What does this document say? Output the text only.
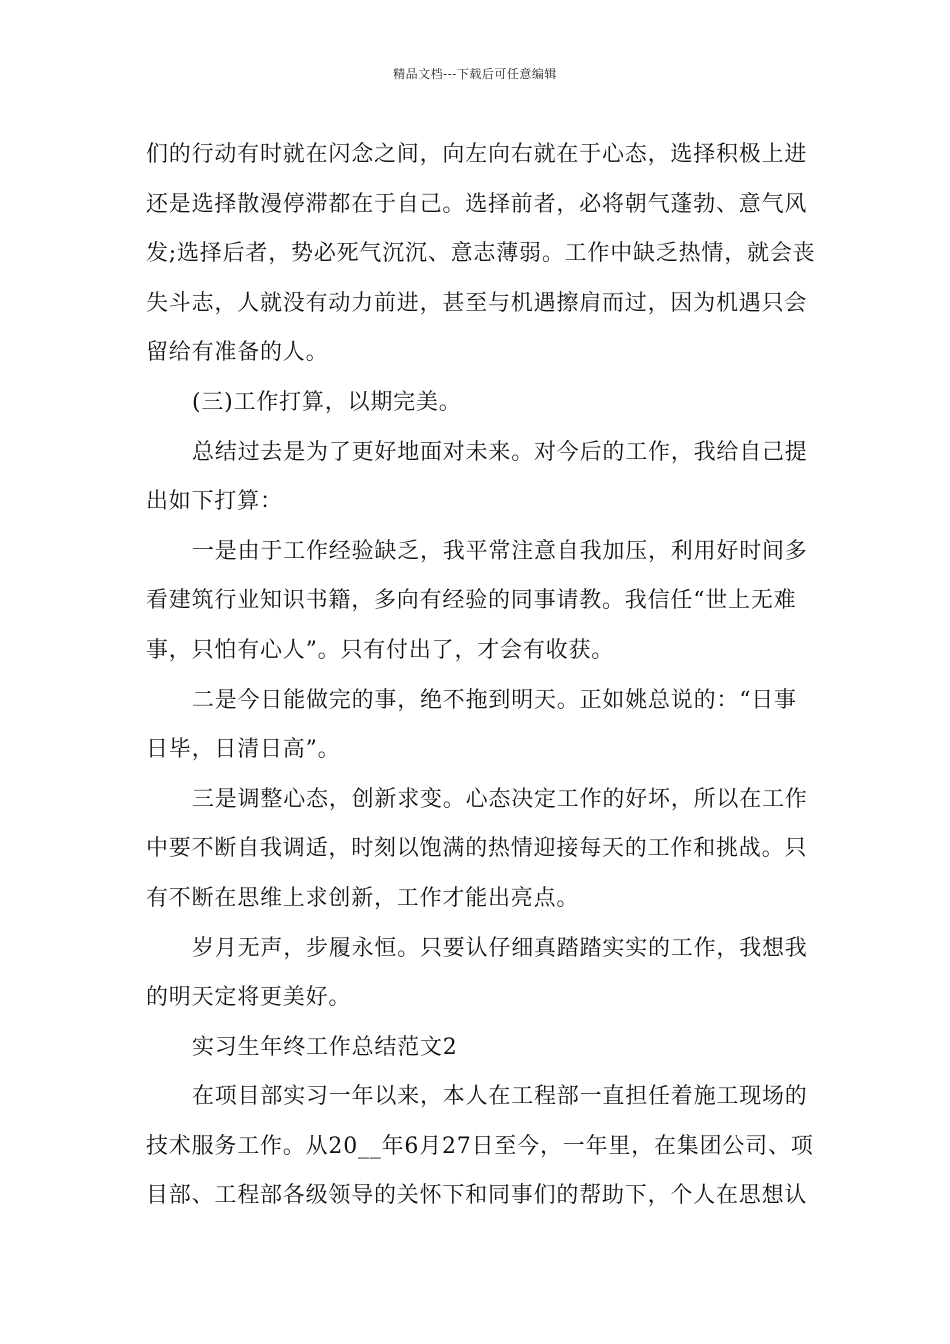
精品文档---下载后可任意编辑
们的行动有时就在闪念之间，向左向右就在于心态，选择积极上进
还是选择散漫停滞都在于自己。选择前者，必将朝气蓬勃、意气风
发;选择后者，势必死气沉沉、意志薄弱。工作中缺乏热情，就会丧
失斗志，人就没有动力前进，甚至与机遇擦肩而过，因为机遇只会
留给有准备的人。
(三)工作打算，以期完美。
总结过去是为了更好地面对未来。对今后的工作，我给自己提
出如下打算：
一是由于工作经验缺乏，我平常注意自我加压，利用好时间多
看建筑行业知识书籍，多向有经验的同事请教。我信任“世上无难
事，只怕有心人”。只有付出了，才会有收获。
二是今日能做完的事，绝不拖到明天。正如姚总说的：“日事
日毕，日清日高”。
三是调整心态，创新求变。心态决定工作的好坏，所以在工作
中要不断自我调适，时刻以饱满的热情迎接每天的工作和挑战。只
有不断在思维上求创新，工作才能出亮点。
岁月无声，步履永恒。只要认仔细真踏踏实实的工作，我想我
的明天定将更美好。
实习生年终工作总结范文2
在项目部实习一年以来，本人在工程部一直担任着施工现场的
技术服务工作。从20__年6月27日至今，一年里，在集团公司、项
目部、工程部各级领导的关怀下和同事们的帮助下，个人在思想认
